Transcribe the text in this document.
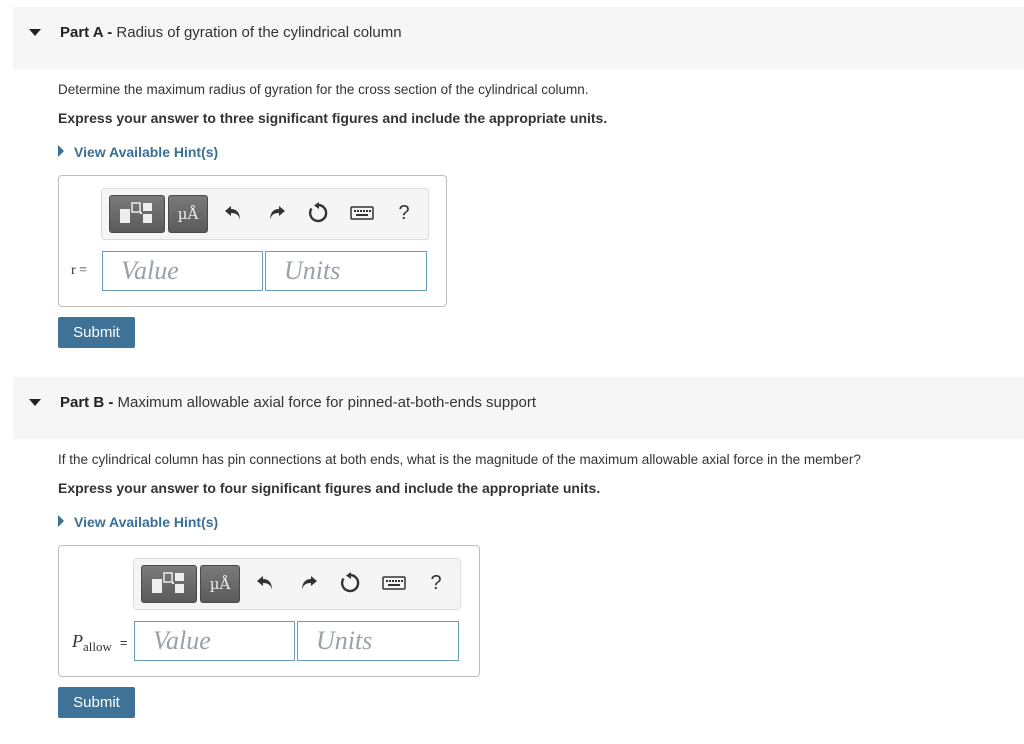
Part A - Radius of gyration of the cylindrical column
Determine the maximum radius of gyration for the cross section of the cylindrical column.
Express your answer to three significant figures and include the appropriate units.
View Available Hint(s)
µÅ	?
r =
Value
Units
Submit
Part B - Maximum allowable axial force for pinned-at-both-ends support
If the cylindrical column has pin connections at both ends, what is the magnitude of the maximum allowable axial force in the member?
Express your answer to four significant figures and include the appropriate units.
View Available Hint(s)
µÅ	?
$P_{allow}$ =
Value
Units
Submit
